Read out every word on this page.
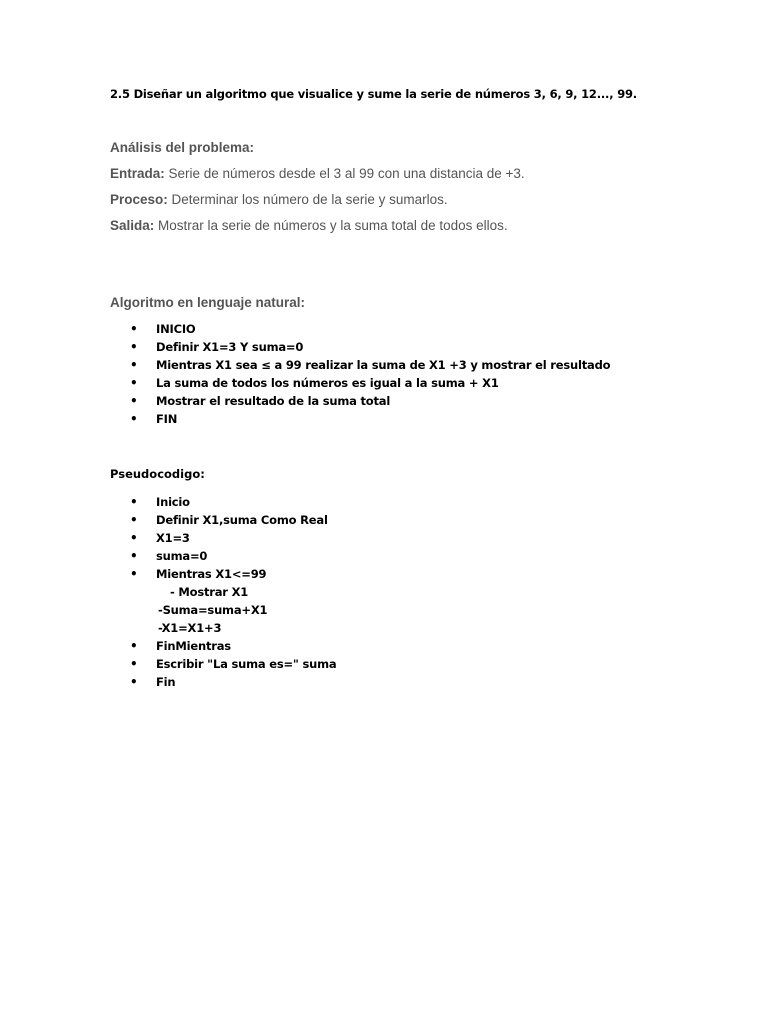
2.5 Diseñar un algoritmo que visualice y sume la serie de números 3, 6, 9, 12..., 99.
Análisis del problema:
Entrada: Serie de números desde el 3 al 99 con una distancia de +3.
Proceso: Determinar los número de la serie y sumarlos.
Salida: Mostrar la serie de números y la suma total de todos ellos.
Algoritmo en lenguaje natural:
• INICIO
• Definir X1=3 Y suma=0
• Mientras X1 sea ≤ a 99 realizar la suma de X1 +3 y mostrar el resultado
• La suma de todos los números es igual a la suma + X1
• Mostrar el resultado de la suma total
• FIN
Pseudocodigo:
• Inicio
• Definir X1,suma Como Real
• X1=3
• suma=0
• Mientras X1<=99
- Mostrar X1
-Suma=suma+X1
-X1=X1+3
• FinMientras
• Escribir "La suma es=" suma
• Fin
